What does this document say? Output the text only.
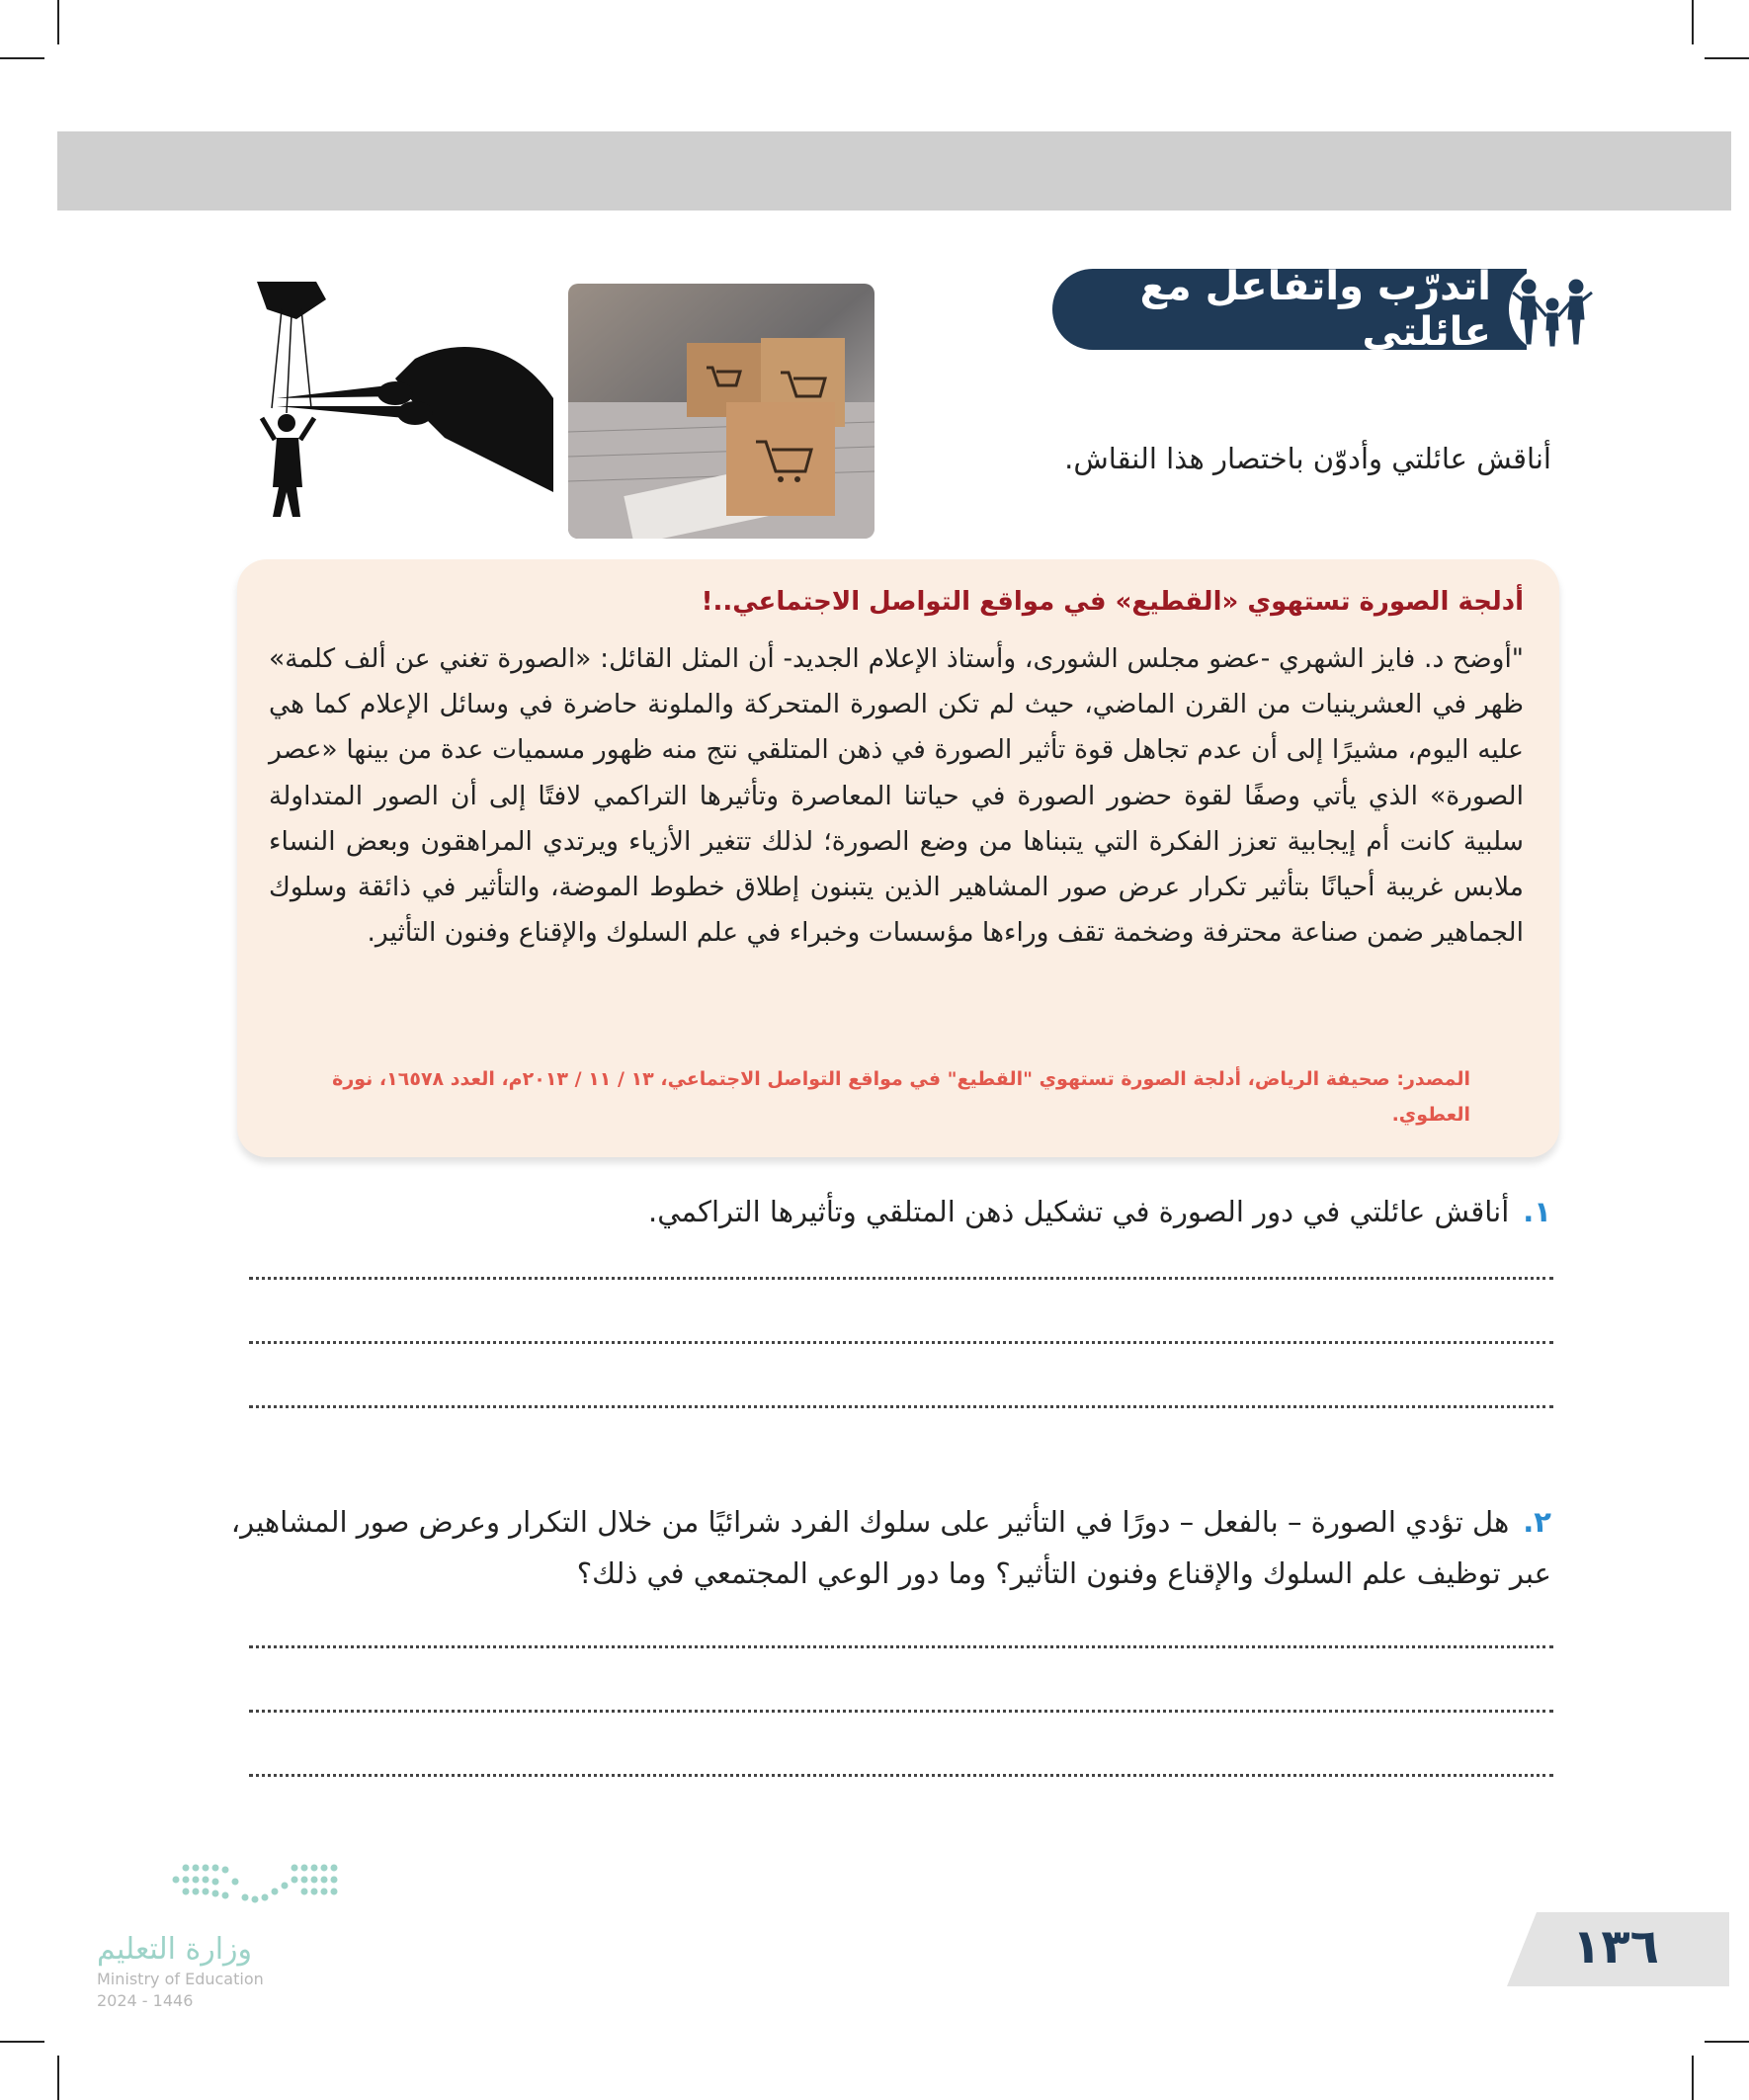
أتدرّب وأتفاعل مع عائلتي
أناقش عائلتي وأدوّن باختصار هذا النقاش.
أدلجة الصورة تستهوي «القطيع» في مواقع التواصل الاجتماعي..!
"أوضح د. فايز الشهري -عضو مجلس الشورى، وأستاذ الإعلام الجديد- أن المثل القائل: «الصورة تغني عن ألف كلمة» ظهر في العشرينيات من القرن الماضي، حيث لم تكن الصورة المتحركة والملونة حاضرة في وسائل الإعلام كما هي عليه اليوم، مشيرًا إلى أن عدم تجاهل قوة تأثير الصورة في ذهن المتلقي نتج منه ظهور مسميات عدة من بينها «عصر الصورة» الذي يأتي وصفًا لقوة حضور الصورة في حياتنا المعاصرة وتأثيرها التراكمي لافتًا إلى أن الصور المتداولة سلبية كانت أم إيجابية تعزز الفكرة التي يتبناها من وضع الصورة؛ لذلك تتغير الأزياء ويرتدي المراهقون وبعض النساء ملابس غريبة أحيانًا بتأثير تكرار عرض صور المشاهير الذين يتبنون إطلاق خطوط الموضة، والتأثير في ذائقة وسلوك الجماهير ضمن صناعة محترفة وضخمة تقف وراءها مؤسسات وخبراء في علم السلوك والإقناع وفنون التأثير.
المصدر: صحيفة الرياض، أدلجة الصورة تستهوي "القطيع" في مواقع التواصل الاجتماعي، ١٣ / ١١ / ٢٠١٣م، العدد ١٦٥٧٨، نورة العطوي.
١.أناقش عائلتي في دور الصورة في تشكيل ذهن المتلقي وتأثيرها التراكمي.
٢.هل تؤدي الصورة – بالفعل – دورًا في التأثير على سلوك الفرد شرائيًا من خلال التكرار وعرض صور المشاهير،
عبر توظيف علم السلوك والإقناع وفنون التأثير؟ وما دور الوعي المجتمعي في ذلك؟
وزارة التعليم
Ministry of Education
2024 - 1446
١٣٦
